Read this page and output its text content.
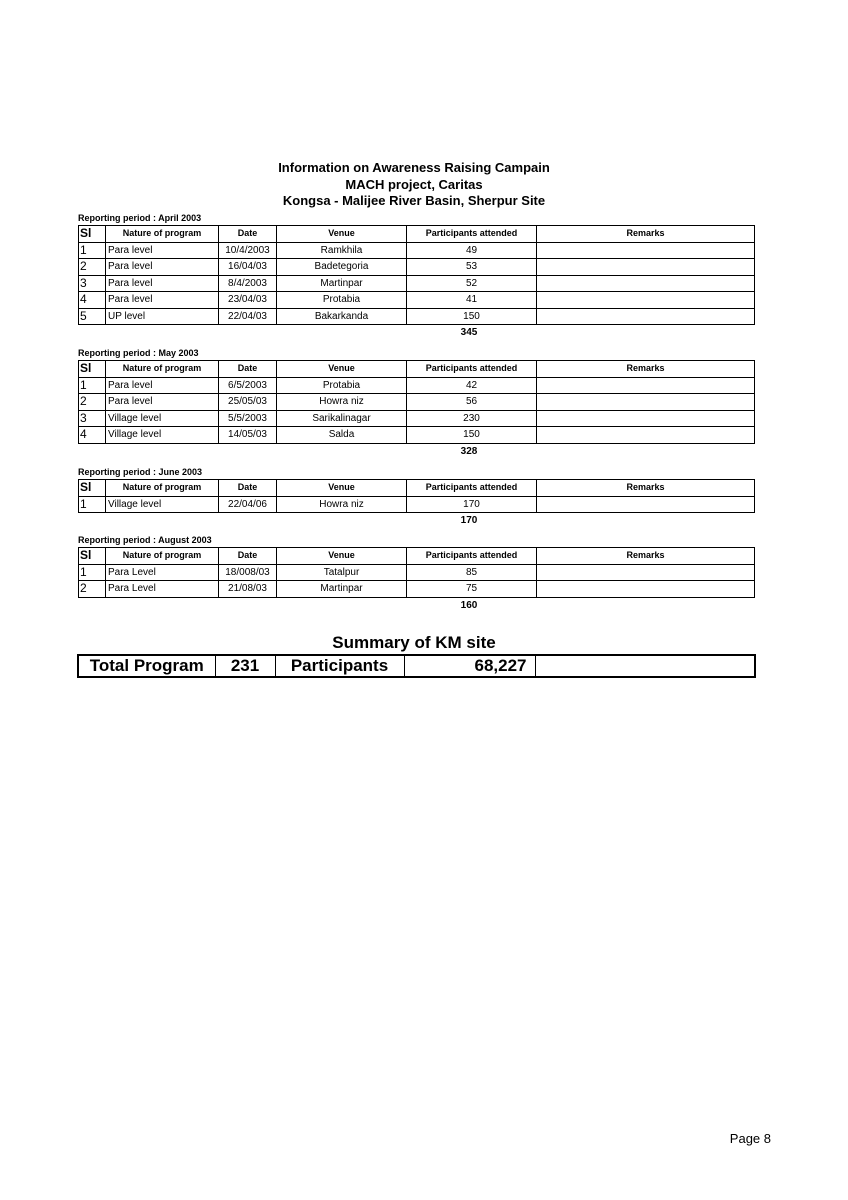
Information on Awareness Raising Campain
MACH project, Caritas
Kongsa - Malijee River Basin, Sherpur Site
Reporting period : April 2003
Sl	Nature of program	Date	Venue	Participants attended	Remarks
1	Para level	10/4/2003	Ramkhila	49	
2	Para level	16/04/03	Badetegoria	53	
3	Para level	8/4/2003	Martinpar	52	
4	Para level	23/04/03	Protabia	41	
5	UP level	22/04/03	Bakarkanda	150	
345
Reporting period : May 2003
Sl	Nature of program	Date	Venue	Participants attended	Remarks
1	Para level	6/5/2003	Protabia	42	
2	Para level	25/05/03	Howra niz	56	
3	Village level	5/5/2003	Sarikalinagar	230	
4	Village level	14/05/03	Salda	150	
328
Reporting period : June 2003
Sl	Nature of program	Date	Venue	Participants attended	Remarks
1	Village level	22/04/06	Howra niz	170	
170
Reporting period : August 2003
Sl	Nature of program	Date	Venue	Participants attended	Remarks
1	Para Level	18/008/03	Tatalpur	85	
2	Para Level	21/08/03	Martinpar	75	
160
Summary of KM site
Total Program	231	Participants	68,227	
Page 8
